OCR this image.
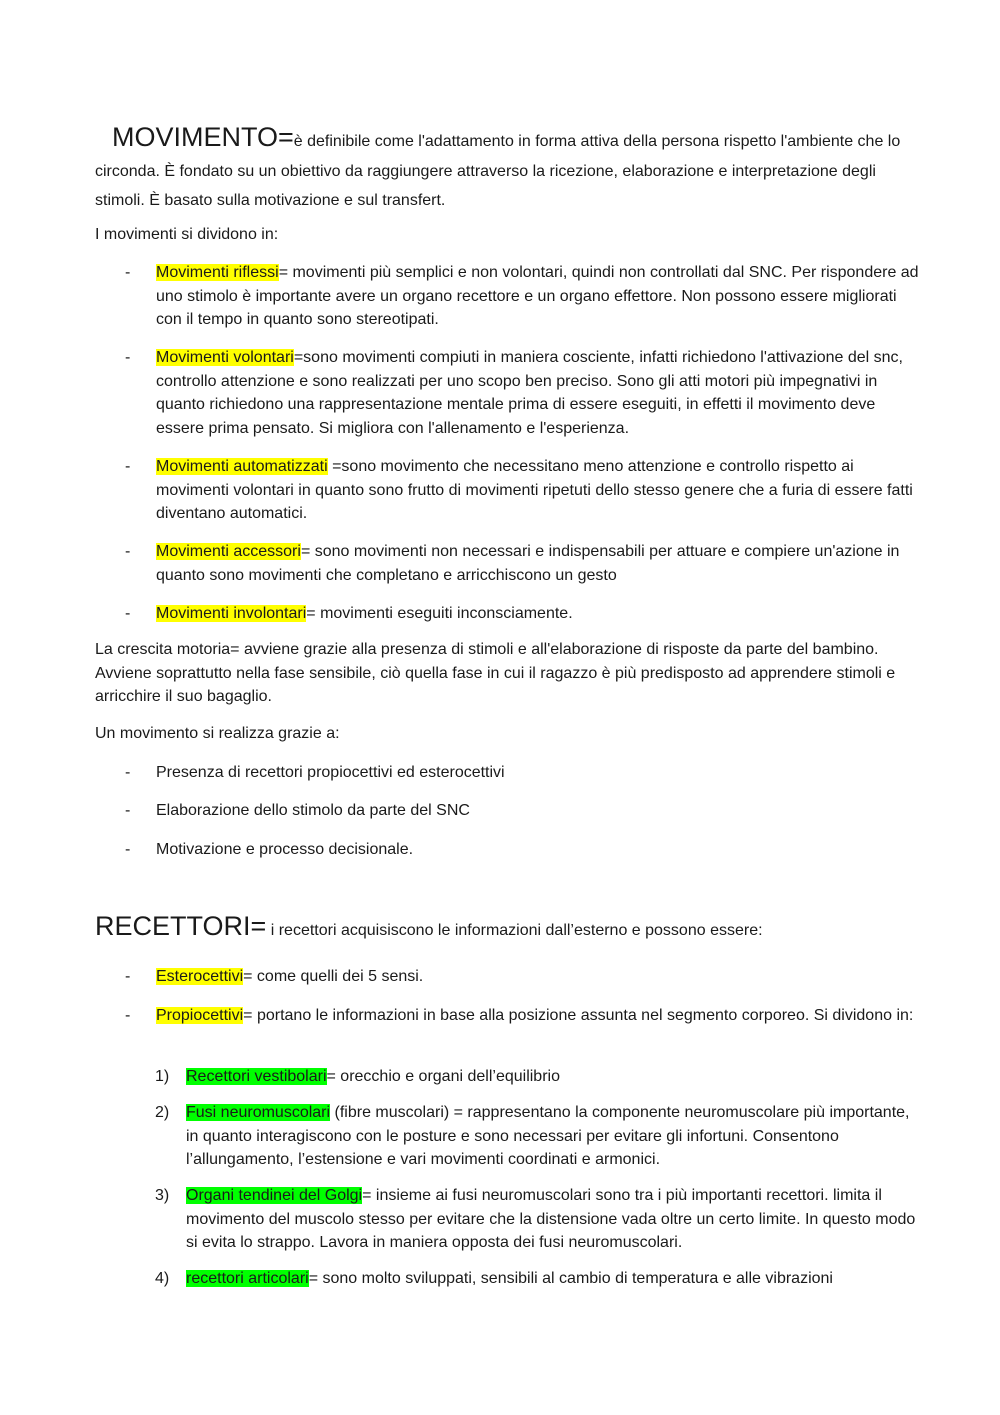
MOVIMENTO=è definibile come l'adattamento in forma attiva della persona rispetto l'ambiente che lo circonda. È fondato su un obiettivo da raggiungere attraverso la ricezione, elaborazione e interpretazione degli stimoli. È basato sulla motivazione e sul transfert.

I movimenti si dividono in:

- Movimenti riflessi= movimenti più semplici e non volontari, quindi non controllati dal SNC. Per rispondere ad uno stimolo è importante avere un organo recettore e un organo effettore. Non possono essere migliorati con il tempo in quanto sono stereotipati.
- Movimenti volontari=sono movimenti compiuti in maniera cosciente, infatti richiedono l'attivazione del snc, controllo attenzione e sono realizzati per uno scopo ben preciso. Sono gli atti motori più impegnativi in quanto richiedono una rappresentazione mentale prima di essere eseguiti, in effetti il movimento deve essere prima pensato. Si migliora con l'allenamento e l'esperienza.
- Movimenti automatizzati =sono movimento che necessitano meno attenzione e controllo rispetto ai movimenti volontari in quanto sono frutto di movimenti ripetuti dello stesso genere che a furia di essere fatti diventano automatici.
- Movimenti accessori= sono movimenti non necessari e indispensabili per attuare e compiere un'azione in quanto sono movimenti che completano e arricchiscono un gesto
- Movimenti involontari= movimenti eseguiti inconsciamente.

La crescita motoria= avviene grazie alla presenza di stimoli e all'elaborazione di risposte da parte del bambino. Avviene soprattutto nella fase sensibile, ciò quella fase in cui il ragazzo è più predisposto ad apprendere stimoli e arricchire il suo bagaglio.

Un movimento si realizza grazie a:

- Presenza di recettori propiocettivi ed esterocettivi
- Elaborazione dello stimolo da parte del SNC
- Motivazione e processo decisionale.
RECETTORI= i recettori acquisiscono le informazioni dall’esterno e possono essere:
- Esterocettivi= come quelli dei 5 sensi.
- Propiocettivi= portano le informazioni in base alla posizione assunta nel segmento corporeo. Si dividono in:
1) Recettori vestibolari= orecchio e organi dell’equilibrio
2) Fusi neuromuscolari (fibre muscolari) = rappresentano la componente neuromuscolare più importante, in quanto interagiscono con le posture e sono necessari per evitare gli infortuni. Consentono l’allungamento, l’estensione e vari movimenti coordinati e armonici.
3) Organi tendinei del Golgi= insieme ai fusi neuromuscolari sono tra i più importanti recettori. limita il movimento del muscolo stesso per evitare che la distensione vada oltre un certo limite. In questo modo si evita lo strappo. Lavora in maniera opposta dei fusi neuromuscolari.
4) recettori articolari= sono molto sviluppati, sensibili al cambio di temperatura e alle vibrazioni
